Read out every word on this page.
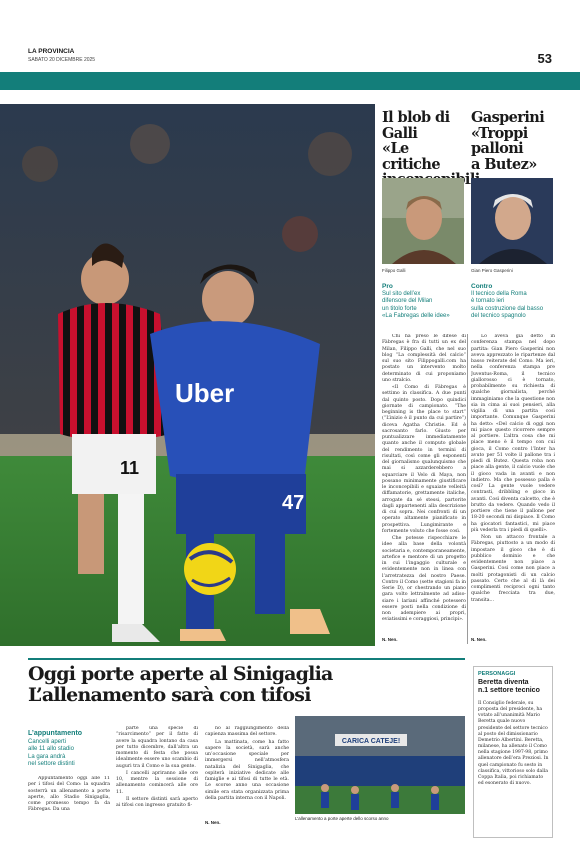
LA PROVINCIA
SABATO 20 DICEMBRE 2025	53
11
Uber
47
Il blob di Galli
«Le critiche
Filippo Galli
Pro
Sul sito dell’ex
difensore del Milan
un titolo forte
«La Fabregas delle idee»
Gasperini
«Troppi
palloni
a Butez»
Gian Piero Gasperini
Contro
Il tecnico della Roma
è tornato ieri
sulla costruzione dal basso
del tecnico spagnolo

Chi ha preso le difese di Fàbregas è fra di tutti un ex del Milan, Filippo Galli, che nel suo blog “La complessità del calcio” sul suo sito Filippogalli.com ha postato un intervento molto determinato di cui proponiamo uno stralcio.

«Il Como di Fàbregas è settimo in classifica. A due punti dal quinto posto. Dopo quindici giornate di campionato. “The beginning is the place to start” (“L’inizio è il punto da cui partire”) diceva Agatha Christie. Ed è sacrosanto farlo. Giusto per puntualizzare immediatamente quanto anche il computo globale del rendimento in termini di risultati, così come gli esponenti del giornalismo qualunquismo che mai si azzarderebbero a squarciare il Velo di Maya, non possano minimamente giustificare le inconcepibili e sguaiate velleità diffamatorie, grettamente italiche, arrogate da sé stessi, partorite dagli appartenenti alla descrizione di cui sopra. Nei confronti di un operato altamente pianificato in prospettiva. Lungimirante e fortemente voluto che fosse così.

Che potesse rispecchiare le idee alla base della volontà societaria e, contemporaneamente, artefice e mentore di un progetto in cui l’ingaggio culturale e evidentemente non in linea con l’arretratezza del nostro Paese. Contro il Como (sette stagioni fa in Serie D), or chestrando un piano gara volto lettralmente ad adiso-siare i lariani affinché potessero essere posti nella condizione di non adempiere ai propri, eviatissimi e coraggiosi, principi».

N. Nen.

Lo aveva già detto in conferenza stampa nel dopo partita: Gian Piero Gasperini non aveva apprezzato le ripartenze dal basso reiterate del Como. Ma ieri, nella conferenza stampa pre Juventus-Roma, il tecnico giallorosso ci è tornato, probabilmente su richiesta di qualche giornalista, perché immaginiamo che la questione non sia in cima ai suoi pensieri, alla vigilia di una partita così importante. Comunque Gasperini ha detto: «Del calcio di oggi non mi piace questo ricorrere sempre al portiere. L’altra cosa che mi piace meno è il tempo con cui gioca, il Como contro l’Inter ha avuto per 51 volte il pallone tra i piedi di Butez. Questa roba non piace alla gente, il calcio vuole che il gioco vada in avanti e non indietro. Ma che possesso palla è così? La gente vuole vedere contrasti, dribbling e gioco in avanti. Così diventa calcetto, che è brutto da vedere. Quando vedo il portiere che tiene il pallone per 18-20 secondi mi dispiace. Il Como ha giocatori fantastici, mi piace più vederla tra i piedi di quelli».

Non un attacco frontale a Fàbregas, piuttosto a un modo di impostare il gioco che è di pubblico dominio e che evidentemente non piace a Gasperini. Così come non piace a molti protagonisti di un calcio passato. Certo che al di là dei complimenti reciproci ogni tanto qualche frecciata tra due, transita...

N. Nen.
Oggi porte aperte al Sinigaglia
L’allenamento sarà con tifosi
L’appuntamento
Cancelli aperti
alle 11 allo stadio
La gara andrà
nel settore distinti

Appuntamento oggi alle 11 per i tifosi del Como: la squadra sosterrà un allenamento a porte aperte, allo Stadio Sinigaglia, come promesso tempo fa da Fàbregas. Da una

parte una specie di “risarcimento” per il fatto di avere la squadra lontano da casa per tutto dicembre, dall’altra un momento di festa che possa idealmente essere uno scambio di auguri tra il Como e la sua gente.

I cancelli apriranno alle ore 10, mentre la sessione di allenamento comincerà alle ore 11.

Il settore distinti sarà aperto ai tifosi con ingresso gratuito fi-

no al raggiungimento della capienza massima del settore.

La mattinata, come ha fatto sapere la società, sarà anche un’occasione speciale per immergersi nell’atmosfera natalizia del Sinigaglia, che ospiterà iniziative dedicate alle famiglie e ai tifosi di tutte le età. Le scorse anno una occasione simile era stata organizzata prima della partita interna con il Napoli.

N. Nen.
CARICA CATEJE!
L’allenamento a porte aperte dello scorso anno
PERSONAGGI
Beretta diventa
n.1 settore tecnico
Il Consiglio federale, su proposta del presidente, ha votato all’unanimità Mario Beretta quale nuovo presidente del settore tecnico al posto del dimissionario Demetrio Albertini. Beretta, milanese, ha allenato il Como nella stagione 1997-98, primo allenatore dell’era Preziosi. In quel campionato fu sesto in classifica, vittorioso solo dalla Coppa Italia, poi richiamato ed esonerato di nuovo.
